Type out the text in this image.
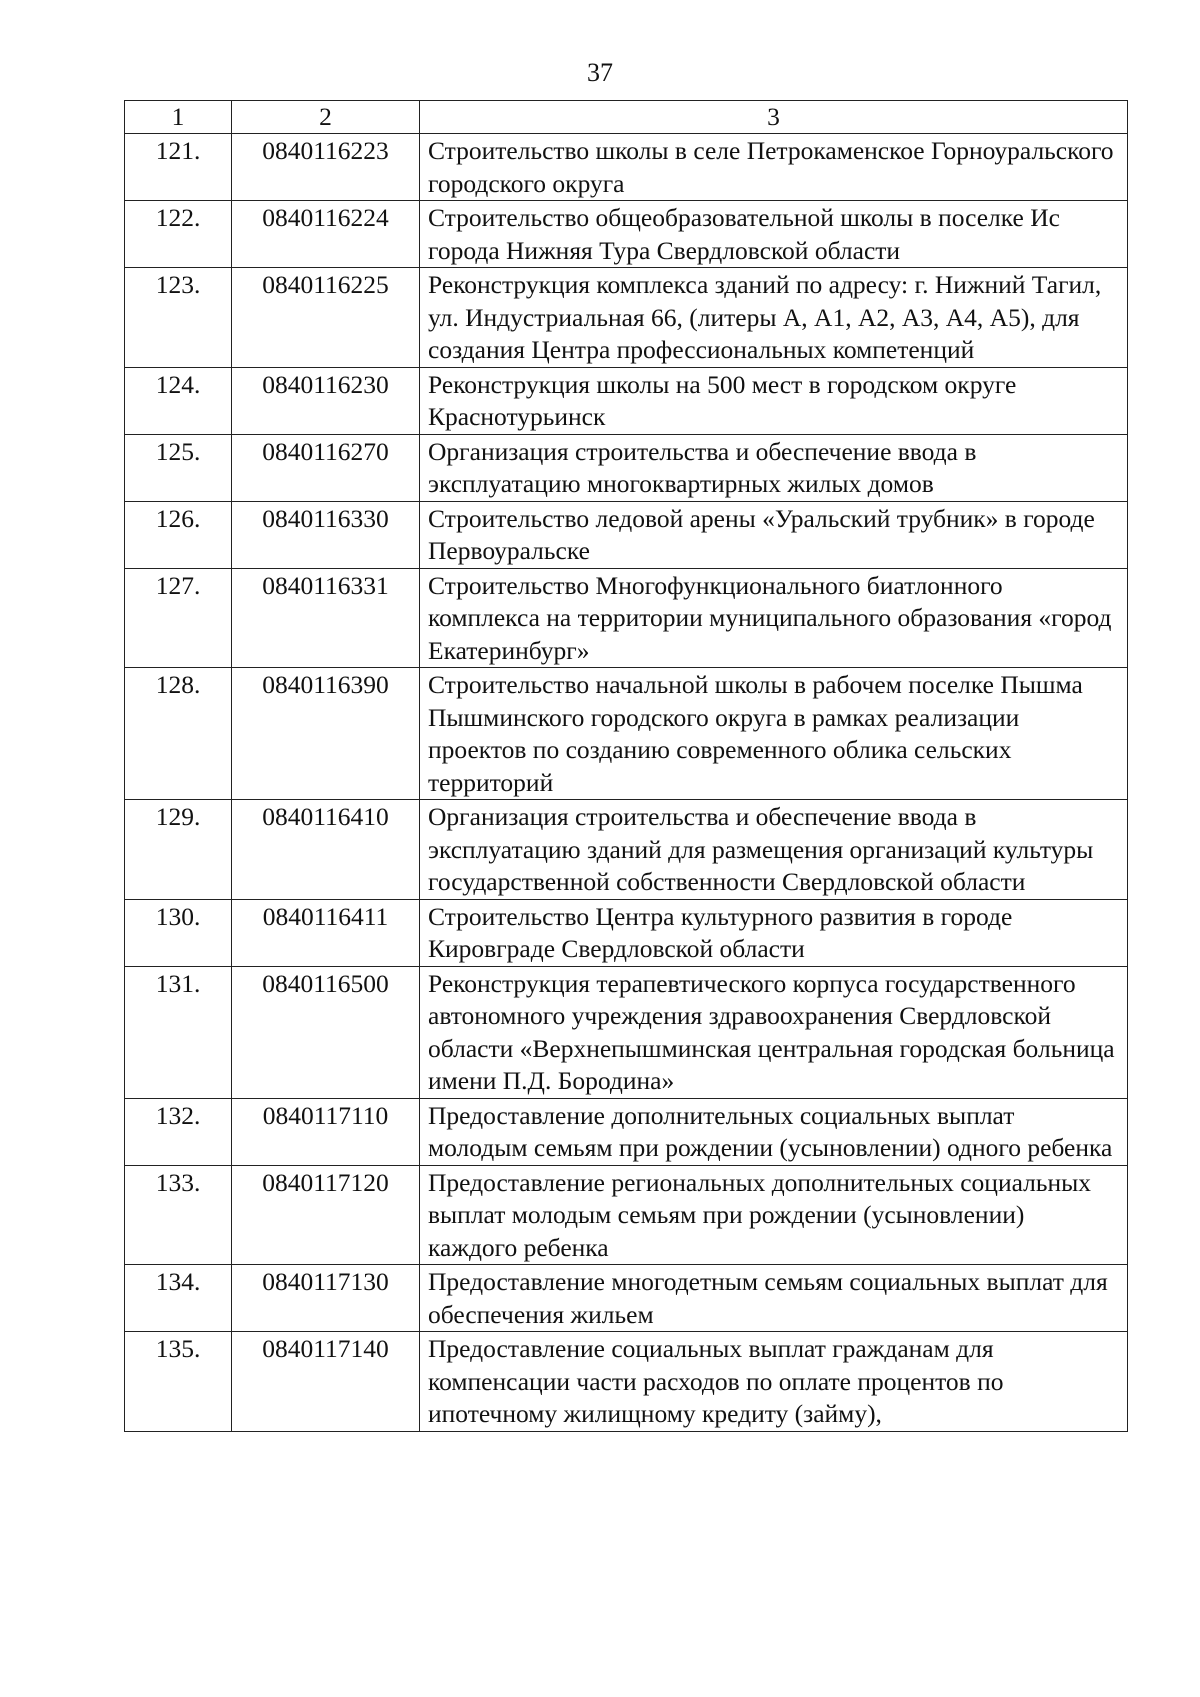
37
1	2	3
121.	0840116223	Строительство школы в селе Петрокаменское Горноуральского городского округа
122.	0840116224	Строительство общеобразовательной школы в поселке Ис города Нижняя Тура Свердловской области
123.	0840116225	Реконструкция комплекса зданий по адресу: г. Нижний Тагил, ул. Индустриальная 66, (литеры А, А1, А2, А3, А4, А5), для создания Центра профессиональных компетенций
124.	0840116230	Реконструкция школы на 500 мест в городском округе Краснотурьинск
125.	0840116270	Организация строительства и обеспечение ввода в эксплуатацию многоквартирных жилых домов
126.	0840116330	Строительство ледовой арены «Уральский трубник» в городе Первоуральске
127.	0840116331	Строительство Многофункционального биатлонного комплекса на территории муниципального образования «город Екатеринбург»
128.	0840116390	Строительство начальной школы в рабочем поселке Пышма Пышминского городского округа в рамках реализации проектов по созданию современного облика сельских территорий
129.	0840116410	Организация строительства и обеспечение ввода в эксплуатацию зданий для размещения организаций культуры государственной собственности Свердловской области
130.	0840116411	Строительство Центра культурного развития в городе Кировграде Свердловской области
131.	0840116500	Реконструкция терапевтического корпуса государственного автономного учреждения здравоохранения Свердловской области «Верхнепышминская центральная городская больница имени П.Д. Бородина»
132.	0840117110	Предоставление дополнительных социальных выплат молодым семьям при рождении (усыновлении) одного ребенка
133.	0840117120	Предоставление региональных дополнительных социальных выплат молодым семьям при рождении (усыновлении) каждого ребенка
134.	0840117130	Предоставление многодетным семьям социальных выплат для обеспечения жильем
135.	0840117140	Предоставление социальных выплат гражданам для компенсации части расходов по оплате процентов по ипотечному жилищному кредиту (займу),
